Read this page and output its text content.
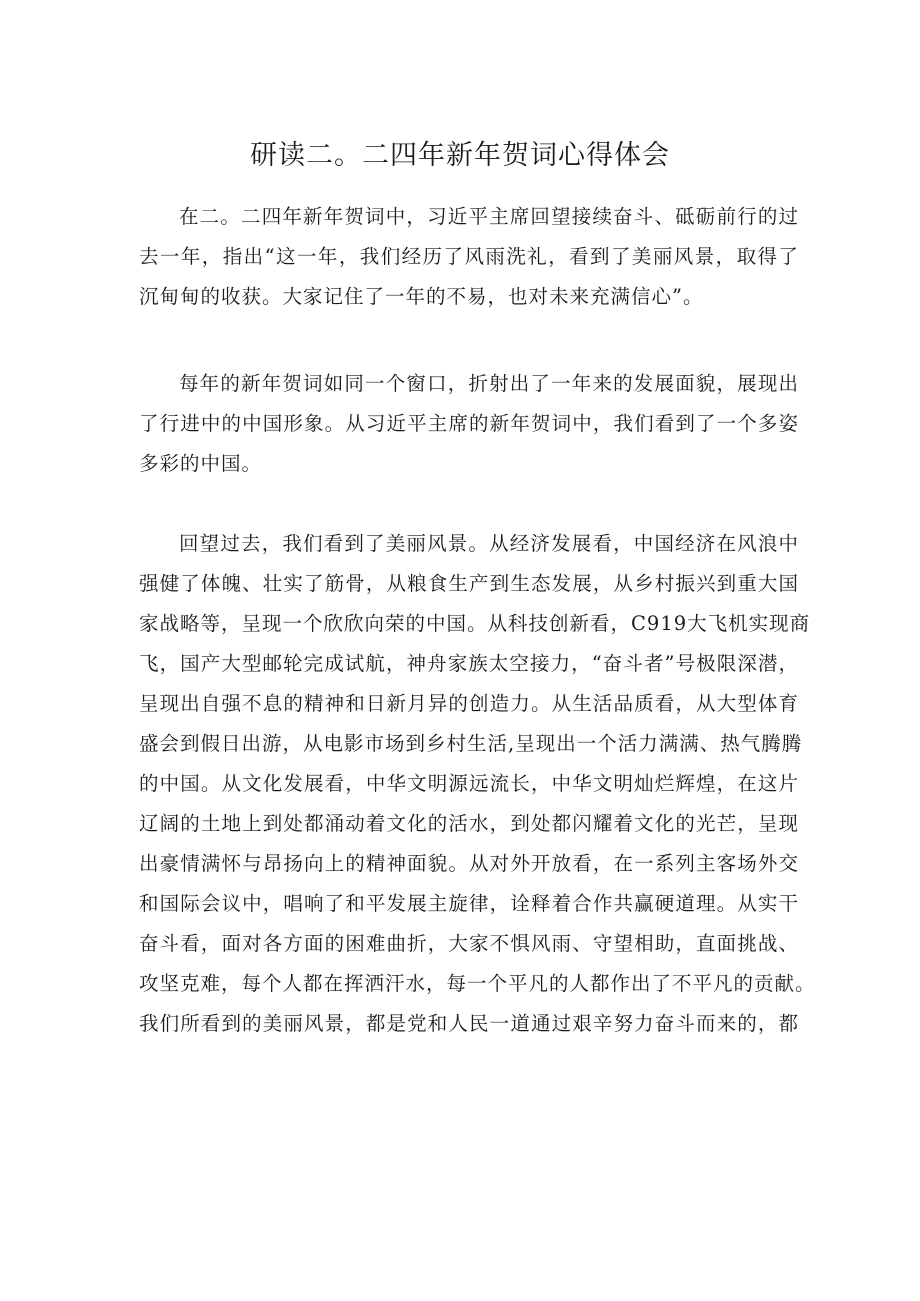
研读二。二四年新年贺词心得体会
在二。二四年新年贺词中，习近平主席回望接续奋斗、砥砺前行的过
去一年，指出“这一年，我们经历了风雨洗礼，看到了美丽风景，取得了
沉甸甸的收获。大家记住了一年的不易，也对未来充满信心”。
每年的新年贺词如同一个窗口，折射出了一年来的发展面貌，展现出
了行进中的中国形象。从习近平主席的新年贺词中，我们看到了一个多姿
多彩的中国。
回望过去，我们看到了美丽风景。从经济发展看，中国经济在风浪中
强健了体魄、壮实了筋骨，从粮食生产到生态发展，从乡村振兴到重大国
家战略等，呈现一个欣欣向荣的中国。从科技创新看，C919大飞机实现商
飞，国产大型邮轮完成试航，神舟家族太空接力，“奋斗者”号极限深潜，
呈现出自强不息的精神和日新月异的创造力。从生活品质看，从大型体育
盛会到假日出游，从电影市场到乡村生活,呈现出一个活力满满、热气腾腾
的中国。从文化发展看，中华文明源远流长，中华文明灿烂辉煌，在这片
辽阔的土地上到处都涌动着文化的活水，到处都闪耀着文化的光芒，呈现
出豪情满怀与昂扬向上的精神面貌。从对外开放看，在一系列主客场外交
和国际会议中，唱响了和平发展主旋律，诠释着合作共赢硬道理。从实干
奋斗看，面对各方面的困难曲折，大家不惧风雨、守望相助，直面挑战、
攻坚克难，每个人都在挥洒汗水，每一个平凡的人都作出了不平凡的贡献。
我们所看到的美丽风景，都是党和人民一道通过艰辛努力奋斗而来的，都
